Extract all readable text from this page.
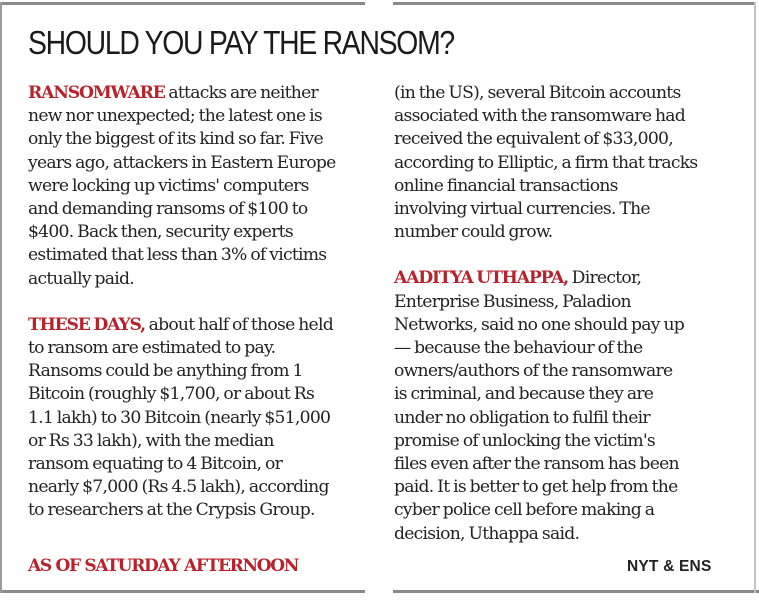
SHOULD YOU PAY THE RANSOM?
RANSOMWARE attacks are neither
new nor unexpected; the latest one is
only the biggest of its kind so far. Five
years ago, attackers in Eastern Europe
were locking up victims' computers
and demanding ransoms of $100 to
$400. Back then, security experts
estimated that less than 3% of victims
actually paid.
THESE DAYS, about half of those held
to ransom are estimated to pay.
Ransoms could be anything from 1
Bitcoin (roughly $1,700, or about Rs
1.1 lakh) to 30 Bitcoin (nearly $51,000
or Rs 33 lakh), with the median
ransom equating to 4 Bitcoin, or
nearly $7,000 (Rs 4.5 lakh), according
to researchers at the Crypsis Group.
AS OF SATURDAY AFTERNOON
(in the US), several Bitcoin accounts
associated with the ransomware had
received the equivalent of $33,000,
according to Elliptic, a firm that tracks
online financial transactions
involving virtual currencies. The
number could grow.
AADITYA UTHAPPA, Director,
Enterprise Business, Paladion
Networks, said no one should pay up
— because the behaviour of the
owners/authors of the ransomware
is criminal, and because they are
under no obligation to fulfil their
promise of unlocking the victim's
files even after the ransom has been
paid. It is better to get help from the
cyber police cell before making a
decision, Uthappa said.
NYT & ENS
